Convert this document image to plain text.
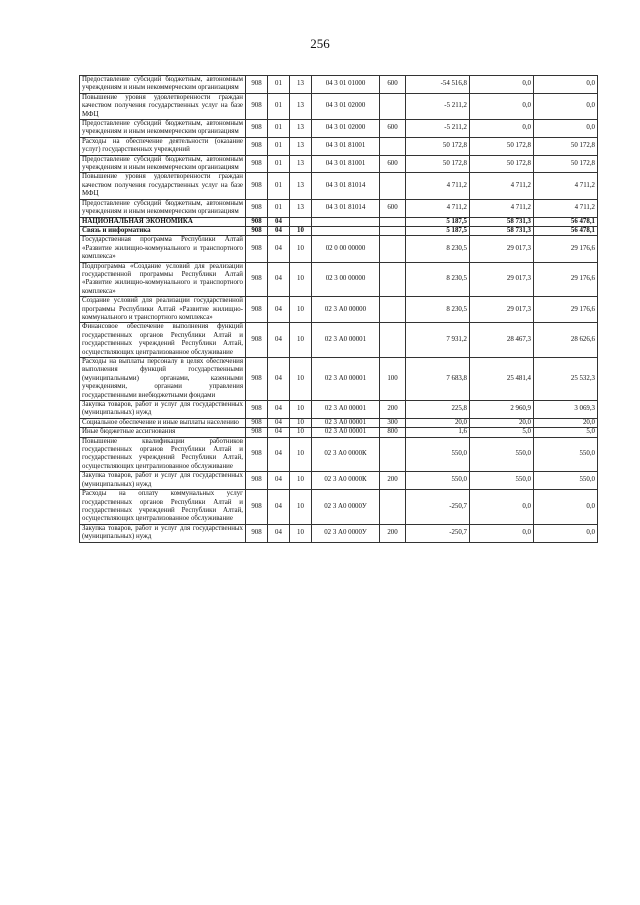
256
Предоставление субсидий бюджетным, автономным учреждениям и иным некоммерческим организациям	908	01	13	04 3 01 01000	600	-54 516,8	0,0	0,0
Повышение уровня удовлетворенности граждан качеством получения государственных услуг на базе МФЦ	908	01	13	04 3 01 02000		-5 211,2	0,0	0,0
Предоставление субсидий бюджетным, автономным учреждениям и иным некоммерческим организациям	908	01	13	04 3 01 02000	600	-5 211,2	0,0	0,0
Расходы на обеспечение деятельности (оказание услуг) государственных учреждений	908	01	13	04 3 01 81001		50 172,8	50 172,8	50 172,8
Предоставление субсидий бюджетным, автономным учреждениям и иным некоммерческим организациям	908	01	13	04 3 01 81001	600	50 172,8	50 172,8	50 172,8
Повышение уровня удовлетворенности граждан качеством получения государственных услуг на базе МФЦ	908	01	13	04 3 01 81014		4 711,2	4 711,2	4 711,2
Предоставление субсидий бюджетным, автономным учреждениям и иным некоммерческим организациям	908	01	13	04 3 01 81014	600	4 711,2	4 711,2	4 711,2
НАЦИОНАЛЬНАЯ ЭКОНОМИКА	908	04				5 187,5	58 731,3	56 478,1
Связь и информатика	908	04	10			5 187,5	58 731,3	56 478,1
Государственная программа Республики Алтай «Развитие жилищно-коммунального и транспортного комплекса»	908	04	10	02 0 00 00000		8 230,5	29 017,3	29 176,6
Подпрограмма «Создание условий для реализации государственной программы Республики Алтай «Развитие жилищно-коммунального и транспортного комплекса»	908	04	10	02 3 00 00000		8 230,5	29 017,3	29 176,6
Создание условий для реализации государственной программы Республики Алтай «Развитие жилищно-коммунального и транспортного комплекса»	908	04	10	02 3 А0 00000		8 230,5	29 017,3	29 176,6
Финансовое обеспечение выполнения функций государственных органов Республики Алтай и государственных учреждений Республики Алтай, осуществляющих централизованное обслуживание	908	04	10	02 3 А0 00001		7 931,2	28 467,3	28 626,6
Расходы на выплаты персоналу в целях обеспечения выполнения функций государственными (муниципальными) органами, казенными учреждениями, органами управления государственными внебюджетными фондами	908	04	10	02 3 А0 00001	100	7 683,8	25 481,4	25 532,3
Закупка товаров, работ и услуг для государственных (муниципальных) нужд	908	04	10	02 3 А0 00001	200	225,8	2 960,9	3 069,3
Социальное обеспечение и иные выплаты населению	908	04	10	02 3 А0 00001	300	20,0	20,0	20,0
Иные бюджетные ассигнования	908	04	10	02 3 А0 00001	800	1,6	5,0	5,0
Повышение квалификации работников государственных органов Республики Алтай и государственных учреждений Республики Алтай, осуществляющих централизованное обслуживание	908	04	10	02 3 А0 0000К		550,0	550,0	550,0
Закупка товаров, работ и услуг для государственных (муниципальных) нужд	908	04	10	02 3 А0 0000К	200	550,0	550,0	550,0
Расходы на оплату коммунальных услуг государственных органов Республики Алтай и государственных учреждений Республики Алтай, осуществляющих централизованное обслуживание	908	04	10	02 3 А0 0000У		-250,7	0,0	0,0
Закупка товаров, работ и услуг для государственных (муниципальных) нужд	908	04	10	02 3 А0 0000У	200	-250,7	0,0	0,0
